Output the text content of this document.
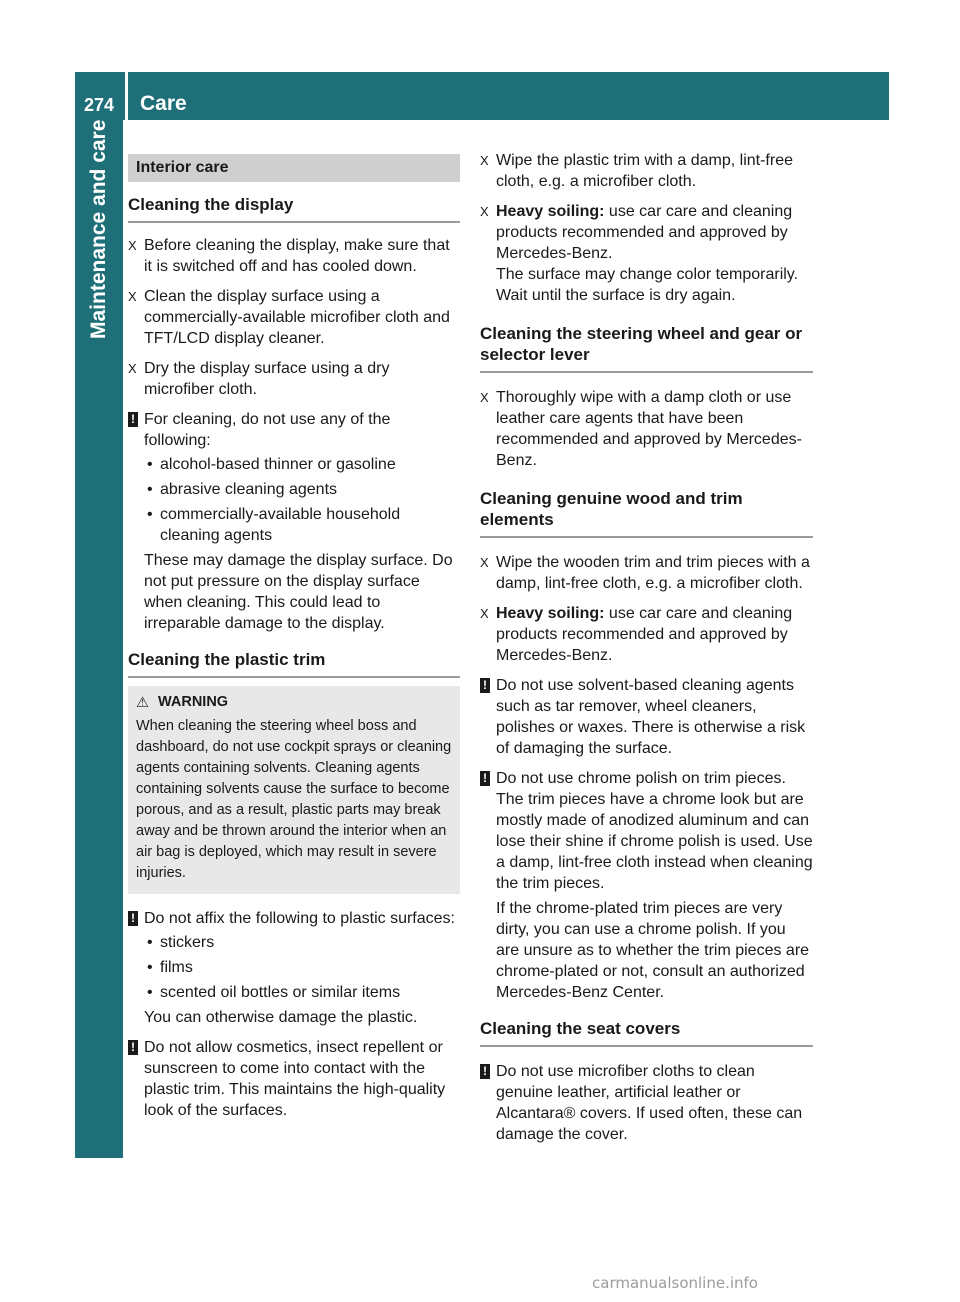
274	Care
Maintenance and care	Interior care
Cleaning the display
X Before cleaning the display, make sure that it is switched off and has cooled down.
X Clean the display surface using a commercially-available microfiber cloth and TFT/LCD display cleaner.
X Dry the display surface using a dry microfiber cloth.
! For cleaning, do not use any of the following:
• alcohol-based thinner or gasoline
• abrasive cleaning agents
• commercially-available household cleaning agents
These may damage the display surface. Do not put pressure on the display surface when cleaning. This could lead to irreparable damage to the display.
Cleaning the plastic trim
⚠ WARNING
When cleaning the steering wheel boss and dashboard, do not use cockpit sprays or cleaning agents containing solvents. Cleaning agents containing solvents cause the surface to become porous, and as a result, plastic parts may break away and be thrown around the interior when an air bag is deployed, which may result in severe injuries.
! Do not affix the following to plastic surfaces:
• stickers
• films
• scented oil bottles or similar items
You can otherwise damage the plastic.
! Do not allow cosmetics, insect repellent or sunscreen to come into contact with the plastic trim. This maintains the high-quality look of the surfaces.
X Wipe the plastic trim with a damp, lint-free cloth, e.g. a microfiber cloth.
X Heavy soiling: use car care and cleaning products recommended and approved by Mercedes-Benz.
The surface may change color temporarily. Wait until the surface is dry again.
Cleaning the steering wheel and gear or selector lever
X Thoroughly wipe with a damp cloth or use leather care agents that have been recommended and approved by Mercedes-Benz.
Cleaning genuine wood and trim elements
X Wipe the wooden trim and trim pieces with a damp, lint-free cloth, e.g. a microfiber cloth.
X Heavy soiling: use car care and cleaning products recommended and approved by Mercedes-Benz.
! Do not use solvent-based cleaning agents such as tar remover, wheel cleaners, polishes or waxes. There is otherwise a risk of damaging the surface.
! Do not use chrome polish on trim pieces. The trim pieces have a chrome look but are mostly made of anodized aluminum and can lose their shine if chrome polish is used. Use a damp, lint-free cloth instead when cleaning the trim pieces.
If the chrome-plated trim pieces are very dirty, you can use a chrome polish. If you are unsure as to whether the trim pieces are chrome-plated or not, consult an authorized Mercedes-Benz Center.
Cleaning the seat covers
! Do not use microfiber cloths to clean genuine leather, artificial leather or Alcantara® covers. If used often, these can damage the cover.
carmanualsonline.info
